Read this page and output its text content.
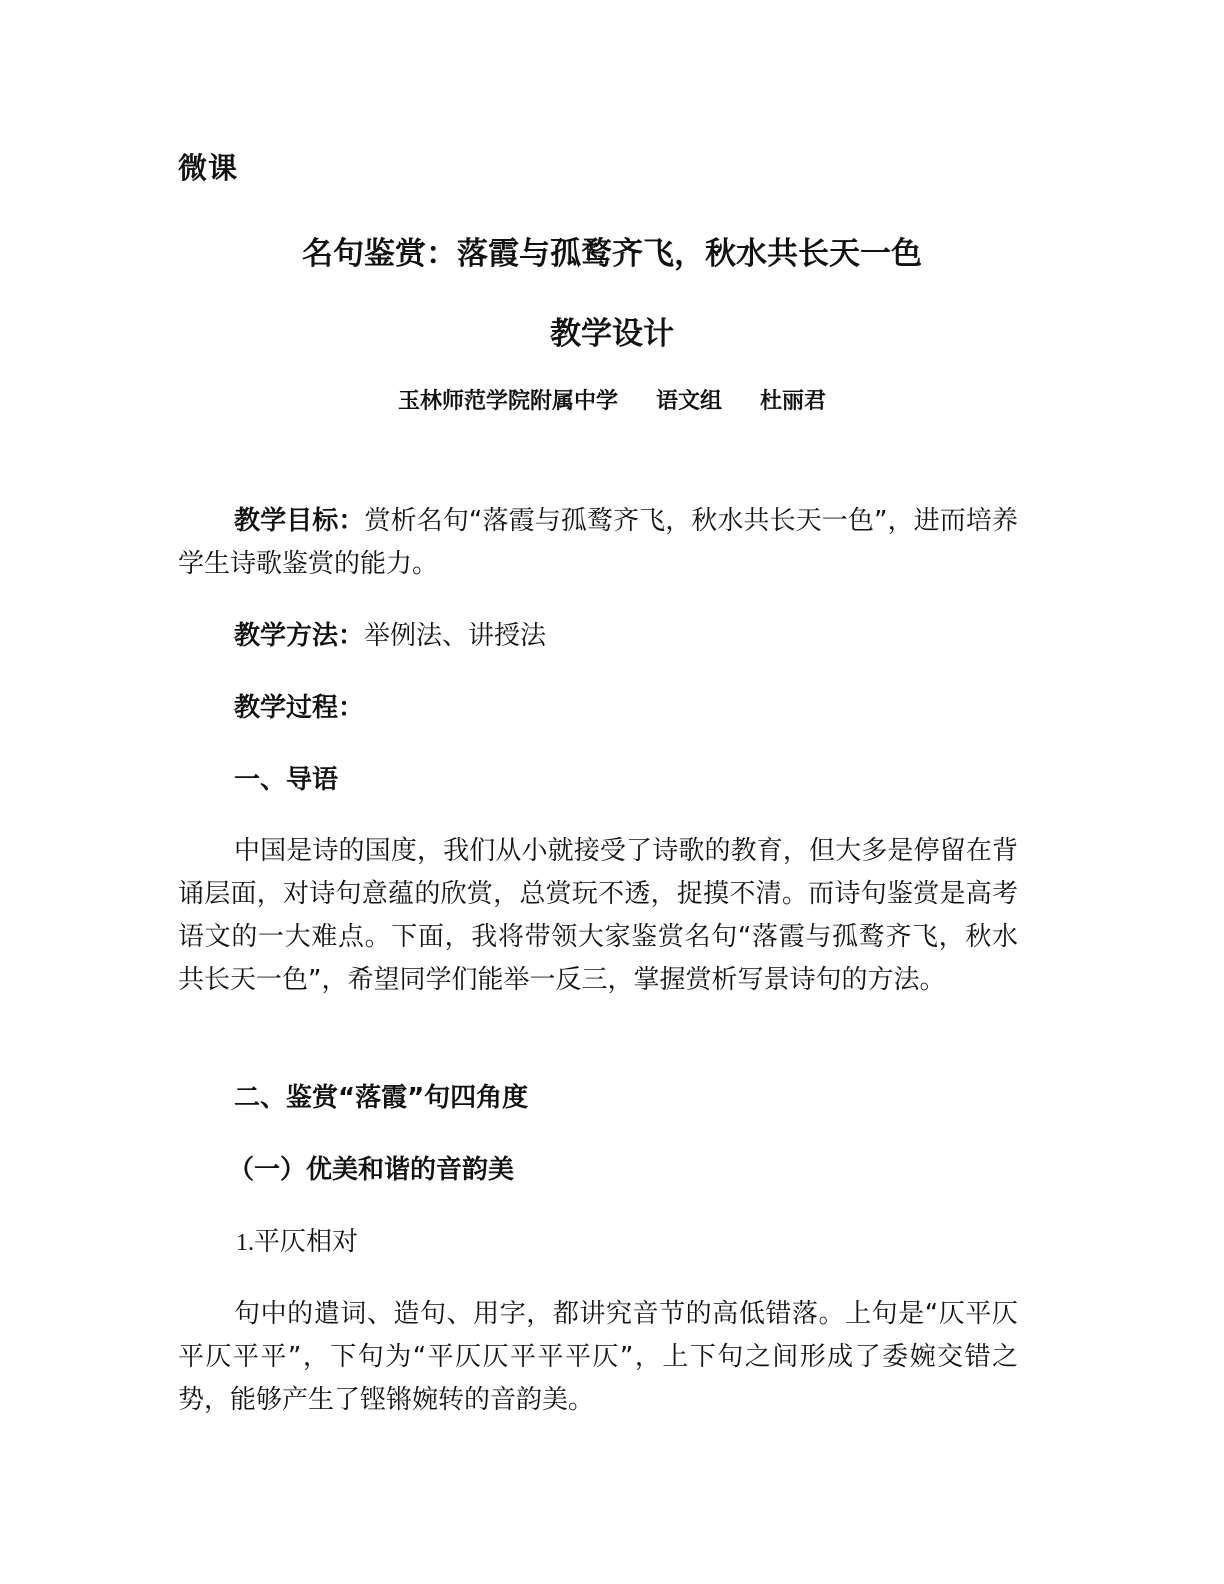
微课
名句鉴赏：落霞与孤鹜齐飞，秋水共长天一色
教学设计
玉林师范学院附属中学 语文组 杜丽君
教学目标：赏析名句“落霞与孤鹜齐飞，秋水共长天一色”，进而培养学生诗歌鉴赏的能力。
教学方法：举例法、讲授法
教学过程：
一、导语
中国是诗的国度，我们从小就接受了诗歌的教育，但大多是停留在背诵层面，对诗句意蕴的欣赏，总赏玩不透，捉摸不清。而诗句鉴赏是高考语文的一大难点。下面，我将带领大家鉴赏名句“落霞与孤鹜齐飞，秋水共长天一色”，希望同学们能举一反三，掌握赏析写景诗句的方法。
二、鉴赏“落霞”句四角度
（一）优美和谐的音韵美
1.平仄相对
句中的遣词、造句、用字，都讲究音节的高低错落。上句是“仄平仄平仄平平”，下句为“平仄仄平平平仄”，上下句之间形成了委婉交错之势，能够产生了铿锵婉转的音韵美。
